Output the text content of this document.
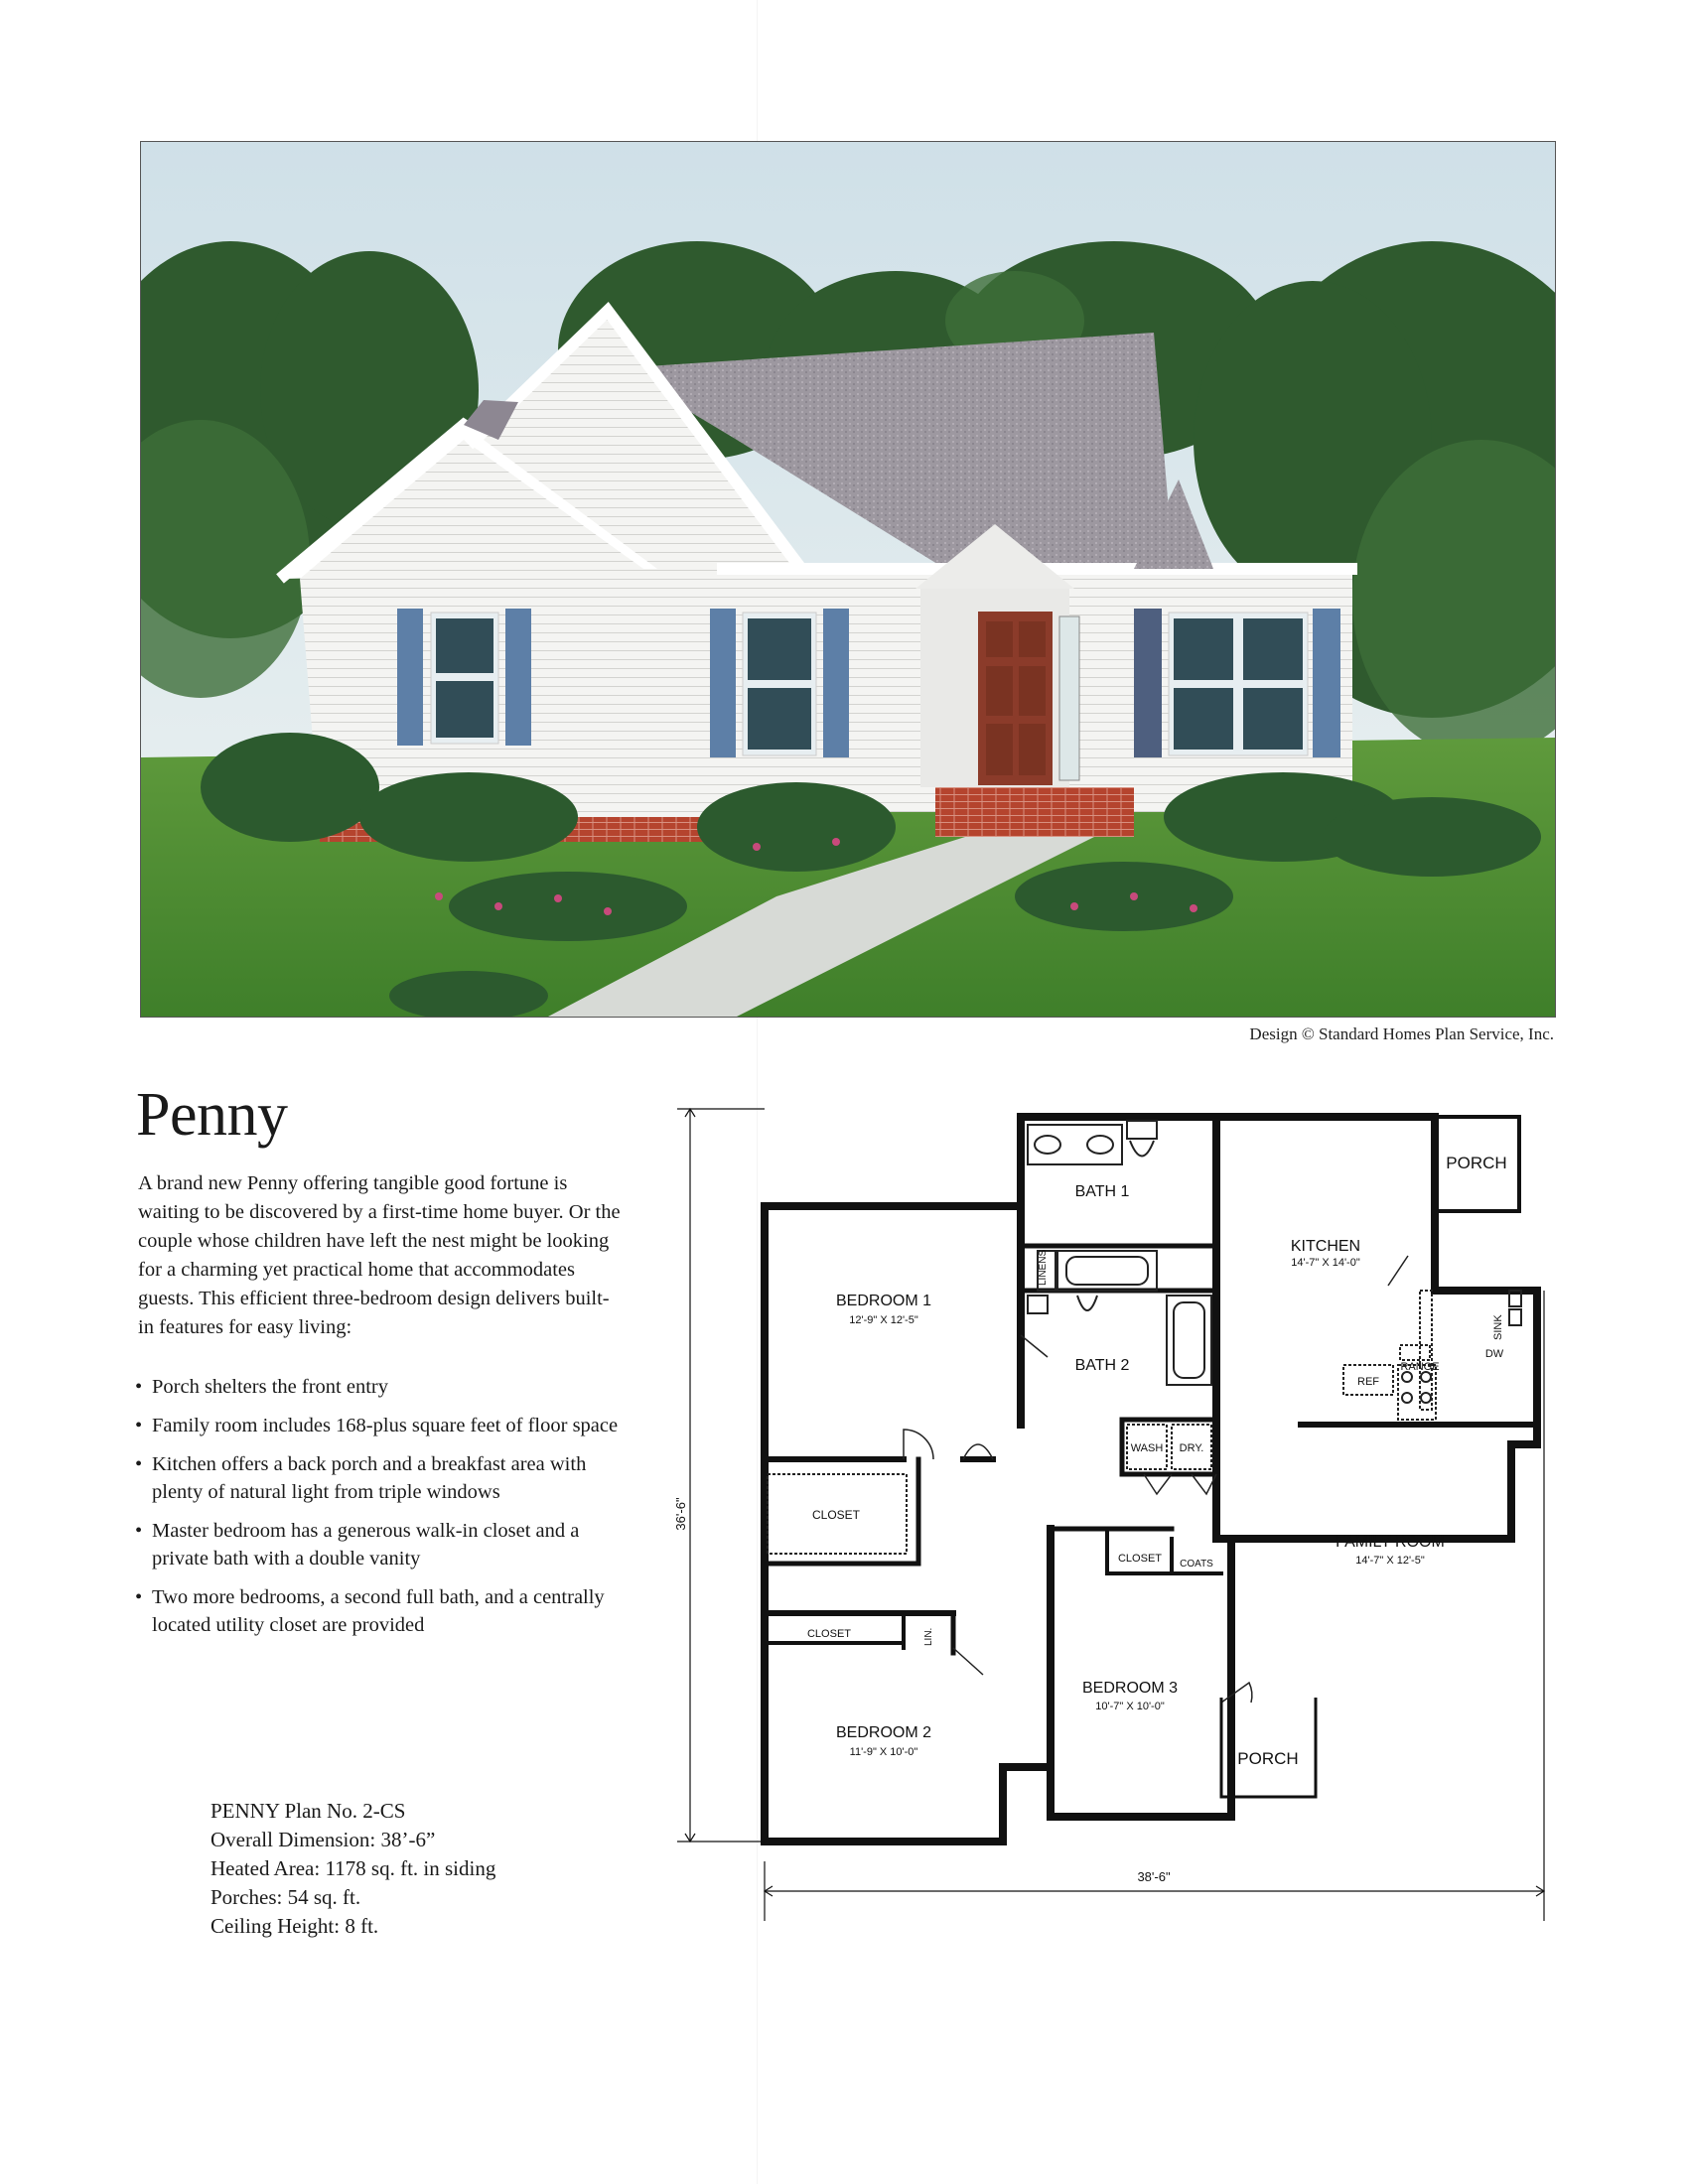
Design © Standard Homes Plan Service, Inc.
Penny

A brand new Penny offering tangible good fortune is waiting to be discovered by a first-time home buyer. Or the couple whose children have left the nest might be looking for a charming yet practical home that accommodates guests. This efficient three-bedroom design delivers built-in features for easy living:

• Porch shelters the front entry
• Family room includes 168-plus square feet of floor space
• Kitchen offers a back porch and a breakfast area with plenty of natural light from triple windows
• Master bedroom has a generous walk-in closet and a private bath with a double vanity
• Two more bedrooms, a second full bath, and a centrally located utility closet are provided
PENNY Plan No. 2-CS
Overall Dimension: 38’-6”
Heated Area: 1178 sq. ft. in siding
Porches: 54 sq. ft.
Ceiling Height: 8 ft.
PORCH
BATH 1
KITCHEN
14'-7" X 14'-0"
BEDROOM 1
12'-9" X 12'-5"
LINENS
BATH 2
SINK
DW
RANGE
REF
WASH DRY.
CLOSET
FAMILY ROOM
14'-7" X 12'-5"
CLOSET COATS
LIN.
CLOSET
BEDROOM 3
10'-7" X 10'-0"
BEDROOM 2
11'-9" X 10'-0"	PORCH
36'-6"
38'-6"
